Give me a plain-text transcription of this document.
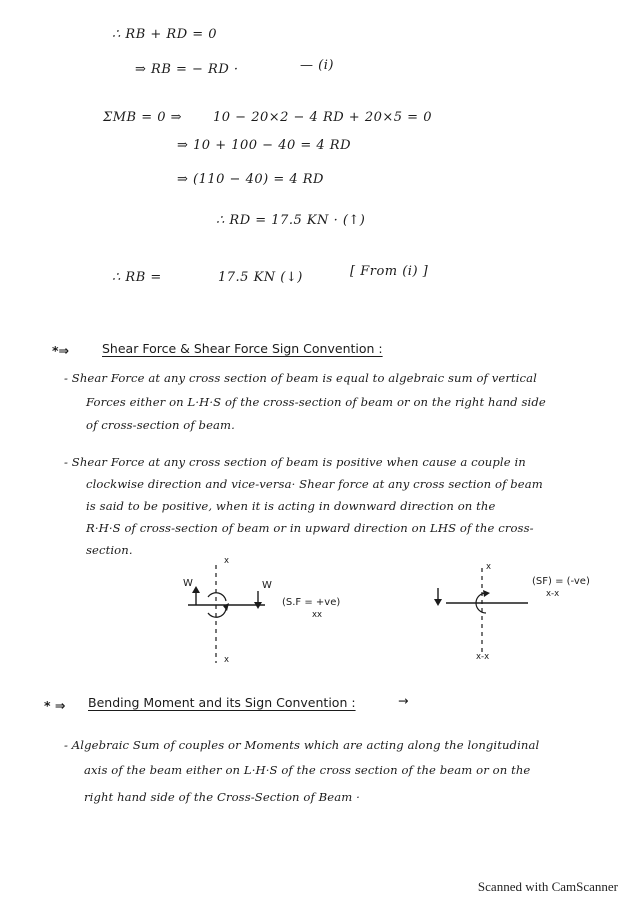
∴ RB + RD = 0
⇒ RB = − RD ·	— (i)
ΣMB = 0 ⇒ 10 − 20×2 − 4 RD + 20×5 = 0
⇒ 10 + 100 − 40 = 4 RD
⇒ (110 − 40) = 4 RD
∴ RD = 17.5 KN · (↑)
∴ RB =	17.5 KN (↓)	[ From (i) ]
*⇒	Shear Force & Shear Force Sign Convention :
- Shear Force at any cross section of beam is equal to algebraic sum of vertical
Forces either on L·H·S of the cross-section of beam or on the right hand side
of cross-section of beam.
- Shear Force at any cross section of beam is positive when cause a couple in
clockwise direction and vice-versa· Shear force at any cross section of beam
is said to be positive, when it is acting in downward direction on the
R·H·S of cross-section of beam or in upward direction on LHS of the cross-
section.
W	W
x
x
(S.F = +ve)
xx
x
x-x
(SF) = (-ve)
x-x
* ⇒ Bending Moment and its Sign Convention :	→
- Algebraic Sum of couples or Moments which are acting along the longitudinal
axis of the beam either on L·H·S of the cross section of the beam or on the
right hand side of the Cross-Section of Beam ·
Scanned with CamScanner
